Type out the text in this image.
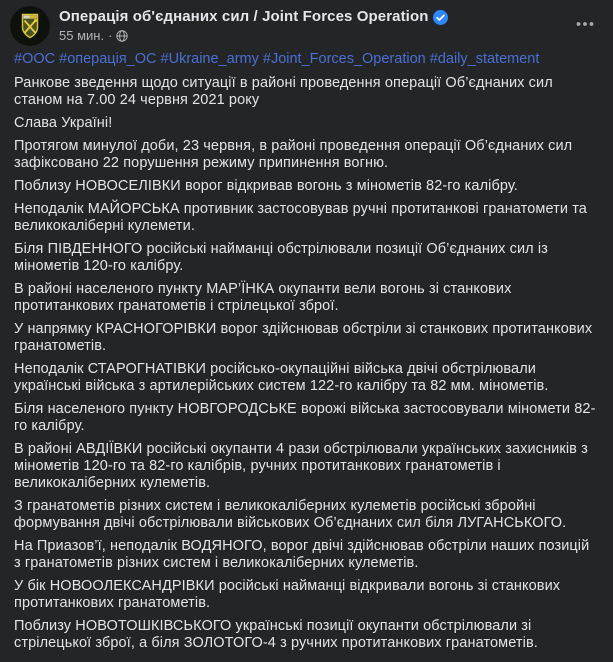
Операція об'єднаних сил / Joint Forces Operation
55 мин. ·

#ООС #операція_ОС #Ukraine_army #Joint_Forces_Operation #daily_statement

Ранкове зведення щодо ситуації в районі проведення операції Об’єднаних сил станом на 7.00 24 червня 2021 року

Слава Україні!

Протягом минулої доби, 23 червня, в районі проведення операції Об’єднаних сил зафіксовано 22 порушення режиму припинення вогню.

Поблизу НОВОСЕЛІВКИ ворог відкривав вогонь з мінометів 82-го калібру.

Неподалік МАЙОРСЬКА противник застосовував ручні протитанкові гранатомети та великокаліберні кулемети.

Біля ПІВДЕННОГО російські найманці обстрілювали позиції Об’єднаних сил із мінометів 120-го калібру.

В районі населеного пункту МАР’ЇНКА окупанти вели вогонь зі станкових протитанкових гранатометів і стрілецької зброї.

У напрямку КРАСНОГОРІВКИ ворог здійснював обстріли зі станкових протитанкових гранатометів.

Неподалік СТАРОГНАТІВКИ російсько-окупаційні війська двічі обстрілювали українські війська з артилерійських систем 122-го калібру та 82 мм. мінометів.

Біля населеного пункту НОВГОРОДСЬКЕ ворожі війська застосовували міномети 82-го калібру.

В районі АВДІЇВКИ російські окупанти 4 рази обстрілювали українських захисників з мінометів 120-го та 82-го калібрів, ручних протитанкових гранатометів і великокаліберних кулеметів.

З гранатометів різних систем і великокаліберних кулеметів російські збройні формування двічі обстрілювали військових Об’єднаних сил біля ЛУГАНСЬКОГО.

На Приазов’ї, неподалік ВОДЯНОГО, ворог двічі здійснював обстріли наших позицій з гранатометів різних систем і великокаліберних кулеметів.

У бік НОВООЛЕКСАНДРІВКИ російські найманці відкривали вогонь зі станкових протитанкових гранатометів.

Поблизу НОВОТОШКІВСЬКОГО українські позиції окупанти обстрілювали зі стрілецької зброї, а біля ЗОЛОТОГО-4 з ручних протитанкових гранатометів.
